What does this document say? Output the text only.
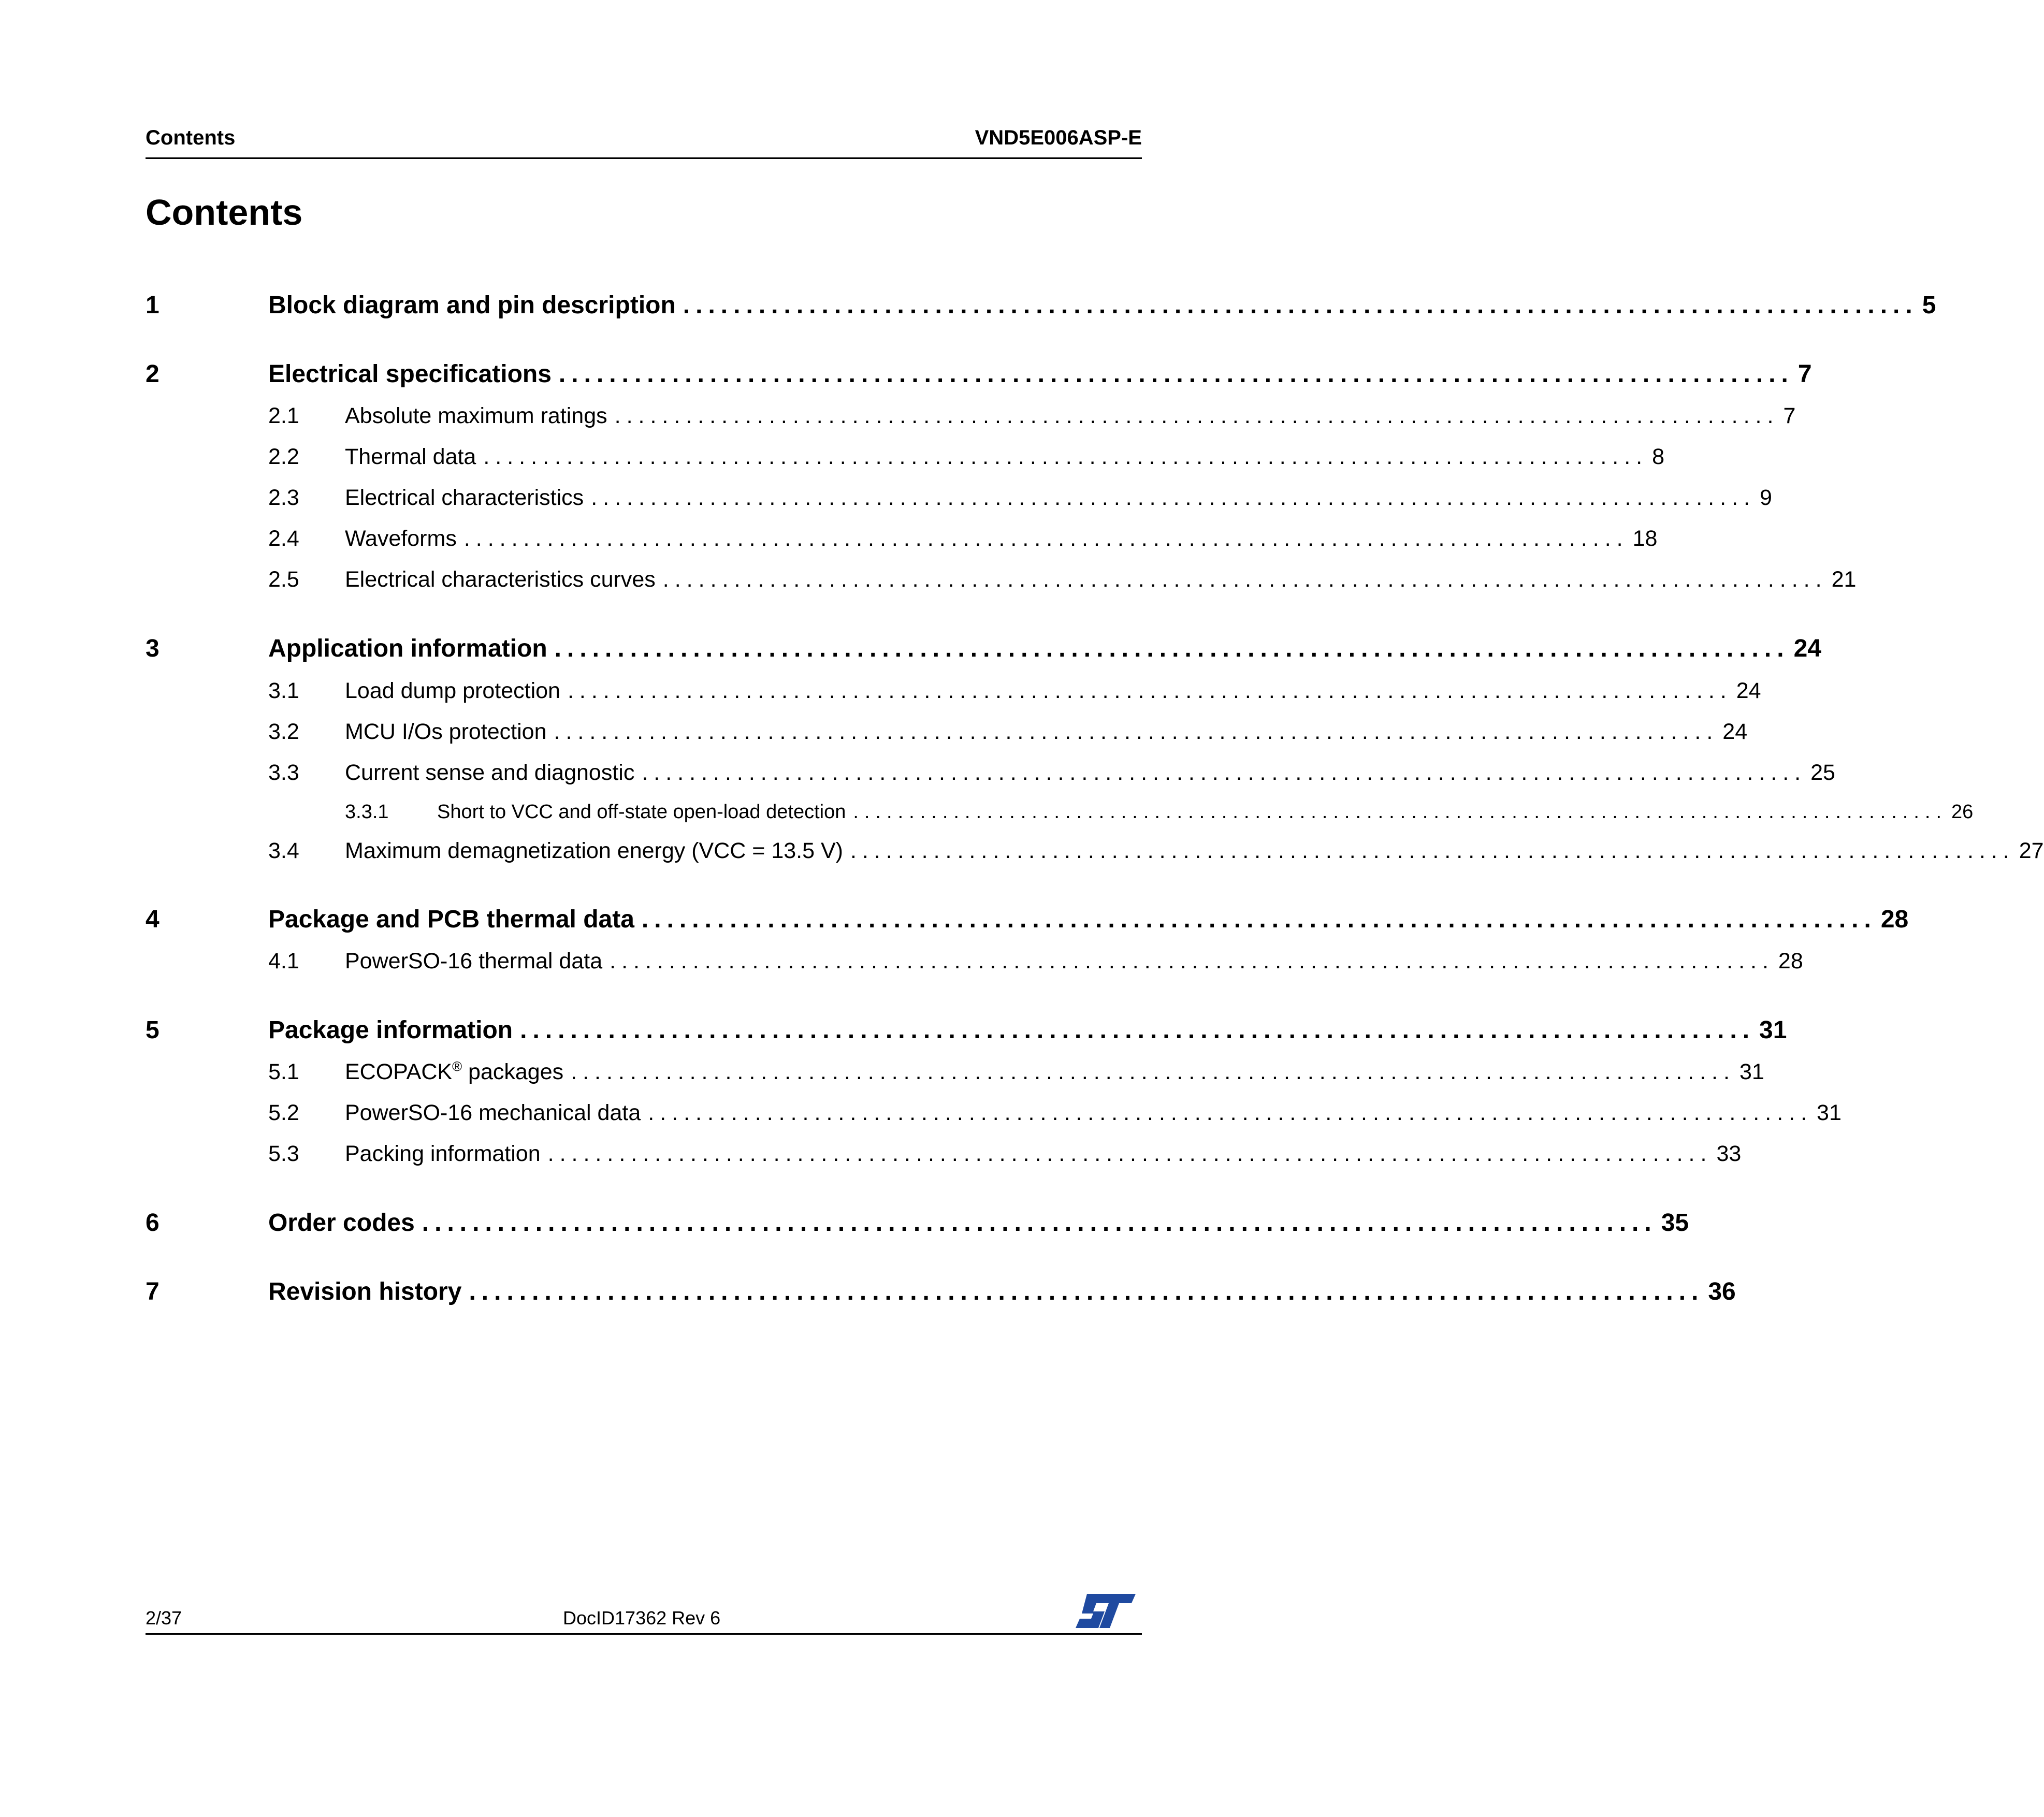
Contents	VND5E006ASP-E
Contents
1	Block diagram and pin description .................................................................................................. 5
2	Electrical specifications .................................................................................................. 7
2.1 Absolute maximum ratings .................................................................................................. 7
2.2 Thermal data .................................................................................................. 8
2.3 Electrical characteristics .................................................................................................. 9
2.4 Waveforms .................................................................................................. 18
2.5 Electrical characteristics curves .................................................................................................. 21
3	Application information .................................................................................................. 24
3.1 Load dump protection .................................................................................................. 24
3.2 MCU I/Os protection .................................................................................................. 24
3.3 Current sense and diagnostic .................................................................................................. 25
3.3.1 Short to VCC and off-state open-load detection .................................................................................................. 26
3.4 Maximum demagnetization energy (VCC = 13.5 V) .................................................................................................. 27
4	Package and PCB thermal data .................................................................................................. 28
4.1 PowerSO-16 thermal data .................................................................................................. 28
5	Package information .................................................................................................. 31
5.1 ECOPACK® packages .................................................................................................. 31
5.2 PowerSO-16 mechanical data .................................................................................................. 31
5.3 Packing information .................................................................................................. 33
6	Order codes .................................................................................................. 35
7	Revision history .................................................................................................. 36
2/37	DocID17362 Rev 6
